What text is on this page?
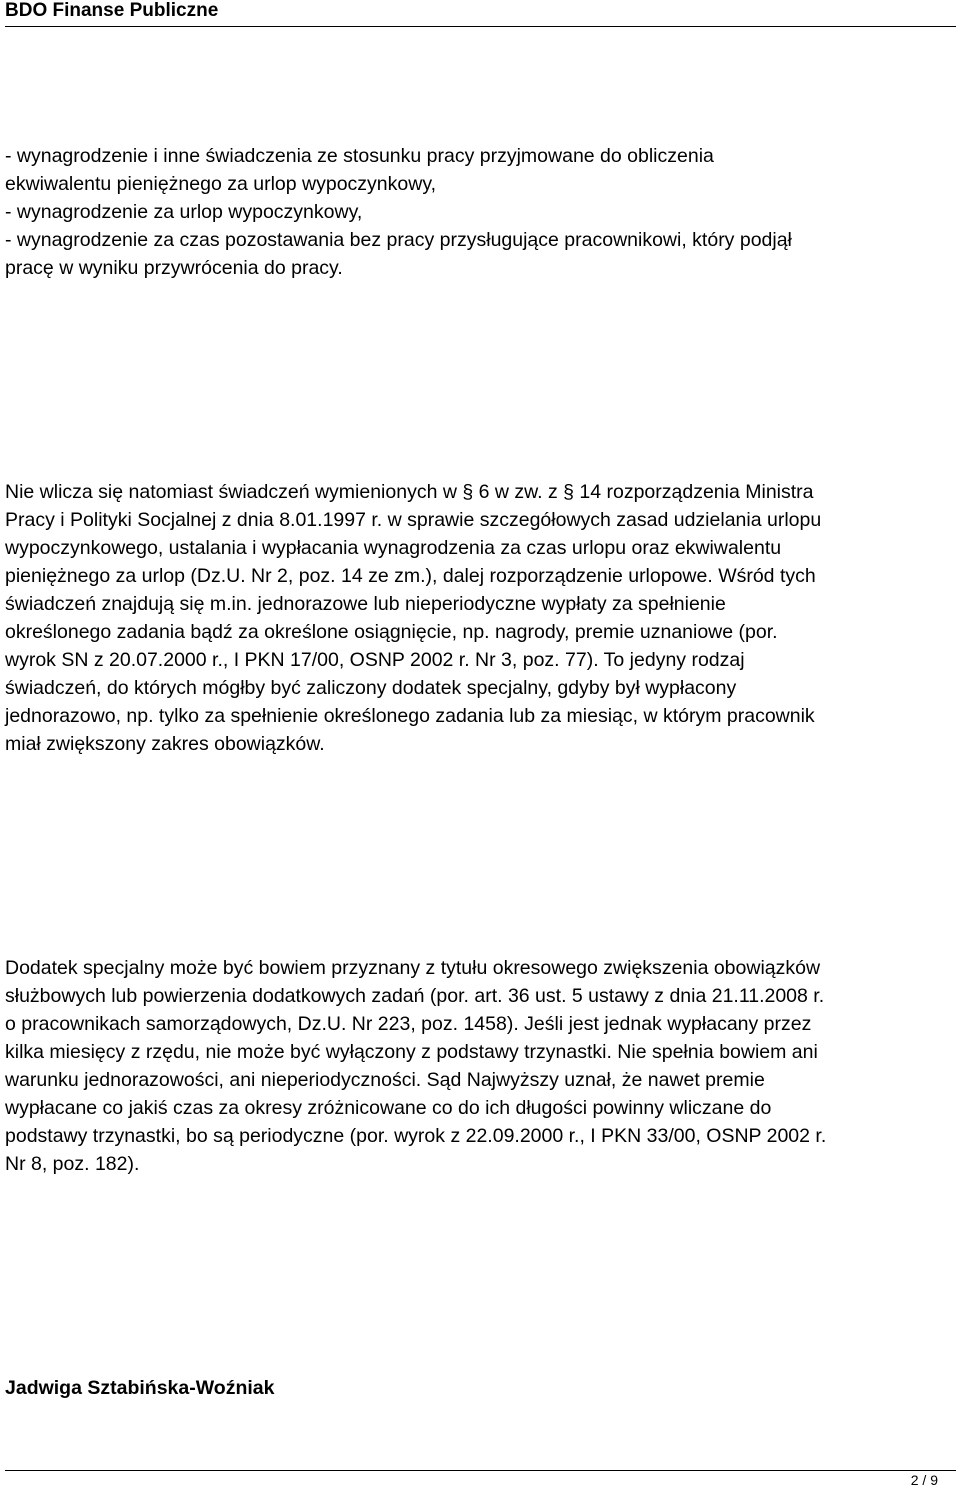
BDO Finanse Publiczne
- wynagrodzenie i inne świadczenia ze stosunku pracy przyjmowane do obliczenia
ekwiwalentu pieniężnego za urlop wypoczynkowy,
- wynagrodzenie za urlop wypoczynkowy,
- wynagrodzenie za czas pozostawania bez pracy przysługujące pracownikowi, który podjął
pracę w wyniku przywrócenia do pracy.
Nie wlicza się natomiast świadczeń wymienionych w § 6 w zw. z § 14 rozporządzenia Ministra
Pracy i Polityki Socjalnej z dnia 8.01.1997 r. w sprawie szczegółowych zasad udzielania urlopu
wypoczynkowego, ustalania i wypłacania wynagrodzenia za czas urlopu oraz ekwiwalentu
pieniężnego za urlop (Dz.U. Nr 2, poz. 14 ze zm.), dalej rozporządzenie urlopowe. Wśród tych
świadczeń znajdują się m.in. jednorazowe lub nieperiodyczne wypłaty za spełnienie
określonego zadania bądź za określone osiągnięcie, np. nagrody, premie uznaniowe (por.
wyrok SN z 20.07.2000 r., I PKN 17/00, OSNP 2002 r. Nr 3, poz. 77). To jedyny rodzaj
świadczeń, do których mógłby być zaliczony dodatek specjalny, gdyby był wypłacony
jednorazowo, np. tylko za spełnienie określonego zadania lub za miesiąc, w którym pracownik
miał zwiększony zakres obowiązków.
Dodatek specjalny może być bowiem przyznany z tytułu okresowego zwiększenia obowiązków
służbowych lub powierzenia dodatkowych zadań (por. art. 36 ust. 5 ustawy z dnia 21.11.2008 r.
o pracownikach samorządowych, Dz.U. Nr 223, poz. 1458). Jeśli jest jednak wypłacany przez
kilka miesięcy z rzędu, nie może być wyłączony z podstawy trzynastki. Nie spełnia bowiem ani
warunku jednorazowości, ani nieperiodyczności. Sąd Najwyższy uznał, że nawet premie
wypłacane co jakiś czas za okresy zróżnicowane co do ich długości powinny wliczane do
podstawy trzynastki, bo są periodyczne (por. wyrok z 22.09.2000 r., I PKN 33/00, OSNP 2002 r.
Nr 8, poz. 182).
Jadwiga Sztabińska-Woźniak
2 / 9
